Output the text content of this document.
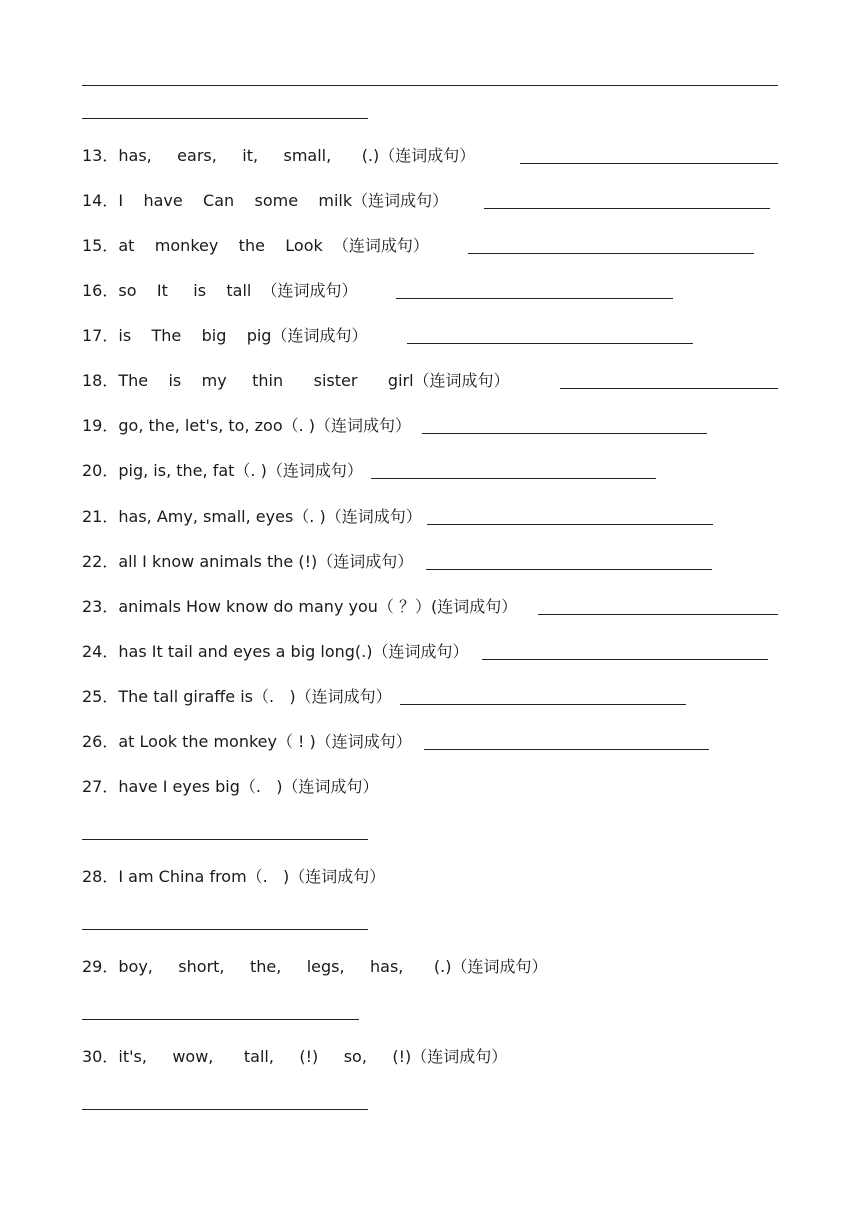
13． has,     ears,     it,     small,      (.)（连词成句）
14． I    have    Can    some    milk（连词成句）
15． at    monkey    the    Look  （连词成句）
16． so    It     is    tall  （连词成句）
17． is    The    big    pig（连词成句）
18． The    is    my     thin      sister      girl（连词成句）
19． go, the, let's, to, zoo（. )（连词成句）
20． pig, is, the, fat（. )（连词成句）
21． has, Amy, small, eyes（. )（连词成句）
22． all I know animals the (!)（连词成句）
23． animals How know do many you（ ？）(连词成句）
24． has It tail and eyes a big long(.)（连词成句）
25． The tall giraffe is（.   )（连词成句）
26． at Look the monkey（ ! )（连词成句）
27． have I eyes big（.   )（连词成句）
28． I am China from（.   )（连词成句）
29． boy,     short,     the,     legs,     has,      (.)（连词成句）
30． it's,     wow,      tall,     (!)     so,     (!)（连词成句）
